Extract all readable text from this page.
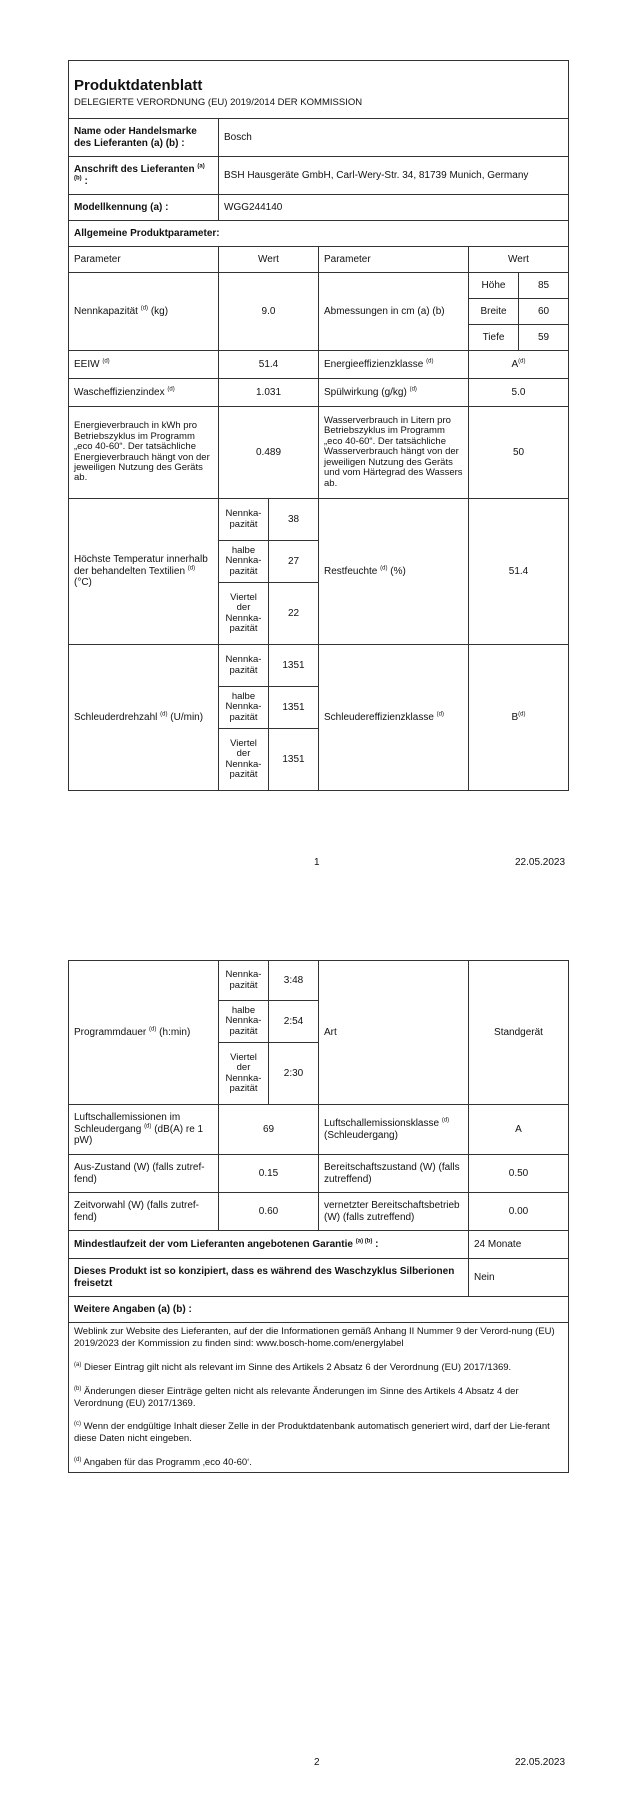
Produktdatenblatt
DELEGIERTE VERORDNUNG (EU) 2019/2014 DER KOMMISSION					

Name oder Handelsmarke des Lieferanten (a) (b) :	Bosch				
Anschrift des Lieferanten $^{(a) (b)}$ :	BSH Hausgeräte GmbH, Carl-Wery-Str. 34, 81739 Munich, Germany				
Modellkennung (a) :	WGG244140				
Allgemeine Produktparameter:					
Parameter	Wert		Parameter	Wert	
Nennkapazität $^{(d)}$ (kg)	9.0		Abmessungen in cm (a) (b)	Höhe	85
				Breite	60
				Tiefe	59
EEIW $^{(d)}$	51.4		Energieeffizienzklasse $^{(d)}$	$A^{(d)}$
Wascheffizienzindex $^{(d)}$	1.031		Spülwirkung (g/kg) $^{(d)}$	5.0	
Energieverbrauch in kWh pro Betriebszyklus im Programm „eco 40-60“. Der tatsächliche Energieverbrauch hängt von der jeweiligen Nutzung des Geräts ab.	0.489		Wasserverbrauch in Litern pro Betriebszyklus im Programm „eco 40-60“. Der tatsächliche Wasserverbrauch hängt von der jeweiligen Nutzung des Geräts und vom Härtegrad des Wassers ab.	50	
Höchste Temperatur innerhalb der behandelten Textilien $^{(d)}$ (°C)	Nennka-pazität	38	Restfeuchte $^{(d)}$ (%)	51.4	
	halbe Nennka-pazität	27			
	Viertel der Nennka-pazität	22			
Schleuderdrehzahl $^{(d)}$ (U/min)	Nennka-pazität	1351	Schleudereffizienzklasse $^{(d)}$	$B^{(d)}$
	halbe Nennka-pazität	1351			
	Viertel der Nennka-pazität	1351			
1	22.05.2023
Programmdauer $^{(d)}$ (h:min)	Nennka-pazität	3:48	Art	Standgerät
	halbe Nennka-pazität	2:54		
	Viertel der Nennka-pazität	2:30		
Luftschallemissionen im Schleudergang $^{(d)}$ (dB(A) re 1 pW)	69		Luftschallemissionsklasse $^{(d)}$ (Schleudergang)	A
Aus-Zustand (W) (falls zutref-fend)	0.15		Bereitschaftszustand (W) (falls zutreffend)	0.50
Zeitvorwahl (W) (falls zutref-fend)	0.60		vernetzter Bereitschaftsbetrieb (W) (falls zutreffend)	0.00
Mindestlaufzeit der vom Lieferanten angebotenen Garantie $^{(a) (b)}$ :				24 Monate
Dieses Produkt ist so konzipiert, dass es während des Waschzyklus Silberionen freisetzt				Nein
Weitere Angaben (a) (b) :				

Weblink zur Website des Lieferanten, auf der die Informationen gemäß Anhang II Nummer 9 der Verord-nung (EU) 2019/2023 der Kommission zu finden sind: www.bosch-home.com/energylabel
$^{(a)}$ Dieser Eintrag gilt nicht als relevant im Sinne des Artikels 2 Absatz 6 der Verordnung (EU) 2017/1369.
$^{(b)}$ Änderungen dieser Einträge gelten nicht als relevante Änderungen im Sinne des Artikels 4 Absatz 4 der Verordnung (EU) 2017/1369.
$^{(c)}$ Wenn der endgültige Inhalt dieser Zelle in der Produktdatenbank automatisch generiert wird, darf der Lie-ferant diese Daten nicht eingeben.
$^{(d)}$ Angaben für das Programm ‚eco 40-60‘.				
2	22.05.2023
